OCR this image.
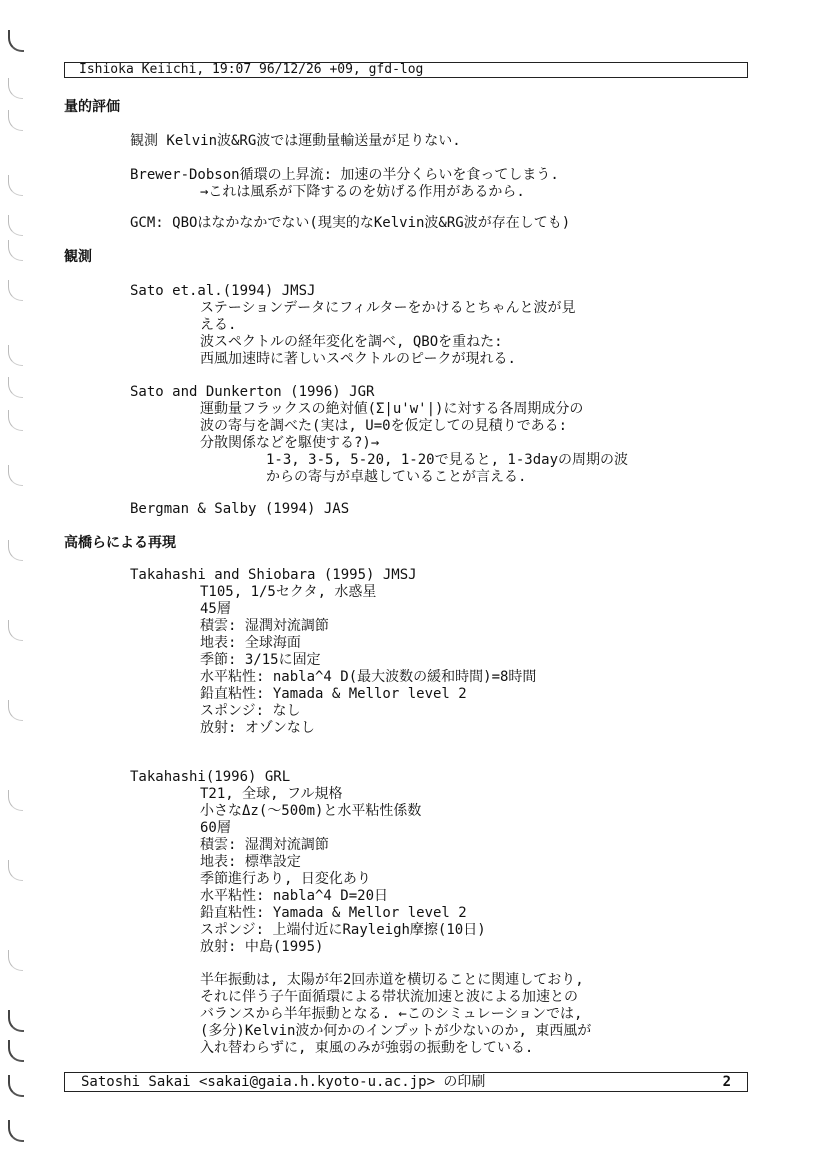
Ishioka Keiichi, 19:07 96/12/26 +09, gfd-log
量的評価
観測 Kelvin波&RG波では運動量輸送量が足りない.
Brewer-Dobson循環の上昇流: 加速の半分くらいを食ってしまう.
→これは風系が下降するのを妨げる作用があるから.
GCM: QBOはなかなかでない(現実的なKelvin波&RG波が存在しても)
観測
Sato et.al.(1994) JMSJ
ステーションデータにフィルターをかけるとちゃんと波が見
える.
波スペクトルの経年変化を調べ, QBOを重ねた:
西風加速時に著しいスペクトルのピークが現れる.
Sato and Dunkerton (1996) JGR
運動量フラックスの絶対値(Σ|u'w'|)に対する各周期成分の
波の寄与を調べた(実は, U=0を仮定しての見積りである:
分散関係などを駆使する?)→
1-3, 3-5, 5-20, 1-20で見ると, 1-3dayの周期の波
からの寄与が卓越していることが言える.
Bergman & Salby (1994) JAS
高橋らによる再現
Takahashi and Shiobara (1995) JMSJ
T105, 1/5セクタ, 水惑星
45層
積雲: 湿潤対流調節
地表: 全球海面
季節: 3/15に固定
水平粘性: nabla^4 D(最大波数の緩和時間)=8時間
鉛直粘性: Yamada & Mellor level 2
スポンジ: なし
放射: オゾンなし
Takahashi(1996) GRL
T21, 全球, フル規格
小さなΔz(〜500m)と水平粘性係数
60層
積雲: 湿潤対流調節
地表: 標準設定
季節進行あり, 日変化あり
水平粘性: nabla^4 D=20日
鉛直粘性: Yamada & Mellor level 2
スポンジ: 上端付近にRayleigh摩擦(10日)
放射: 中島(1995)
半年振動は, 太陽が年2回赤道を横切ることに関連しており,
それに伴う子午面循環による帯状流加速と波による加速との
バランスから半年振動となる. ←このシミュレーションでは,
(多分)Kelvin波か何かのインプットが少ないのか, 東西風が
入れ替わらずに, 東風のみが強弱の振動をしている.
Satoshi Sakai <sakai@gaia.h.kyoto-u.ac.jp> の印刷	2
